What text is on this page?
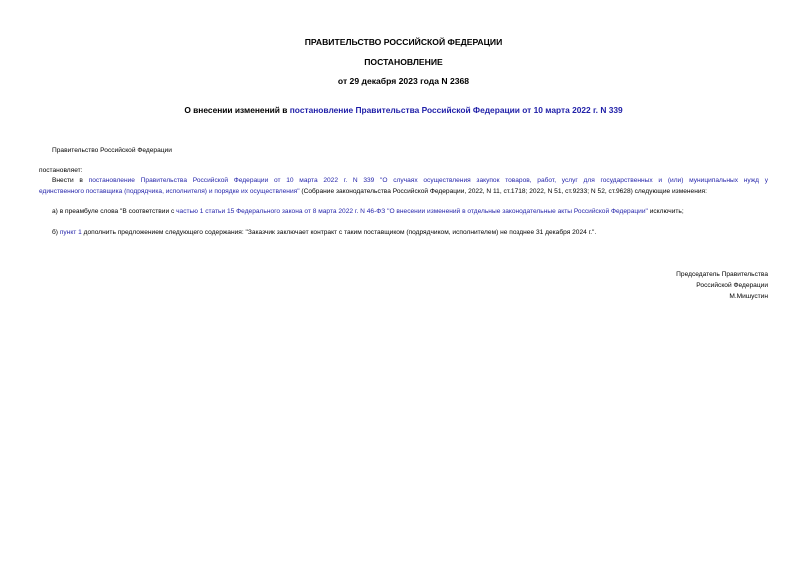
ПРАВИТЕЛЬСТВО РОССИЙСКОЙ ФЕДЕРАЦИИ
ПОСТАНОВЛЕНИЕ
от 29 декабря 2023 года N 2368
О внесении изменений в постановление Правительства Российской Федерации от 10 марта 2022 г. N 339
Правительство Российской Федерации
постановляет:
Внести в постановление Правительства Российской Федерации от 10 марта 2022 г. N 339 "О случаях осуществления закупок товаров, работ, услуг для государственных и (или) муниципальных нужд у
единственного поставщика (подрядчика, исполнителя) и порядке их осуществления" (Собрание законодательства Российской Федерации, 2022, N 11, ст.1718; 2022, N 51, ст.9233; N 52, ст.9628) следующие изменения:
а) в преамбуле слова "В соответствии с частью 1 статьи 15 Федерального закона от 8 марта 2022 г. N 46-ФЗ "О внесении изменений в отдельные законодательные акты Российской Федерации" исключить;
б) пункт 1 дополнить предложением следующего содержания: "Заказчик заключает контракт с таким поставщиком (подрядчиком, исполнителем) не позднее 31 декабря 2024 г.".
Председатель Правительства
Российской Федерации
М.Мишустин
